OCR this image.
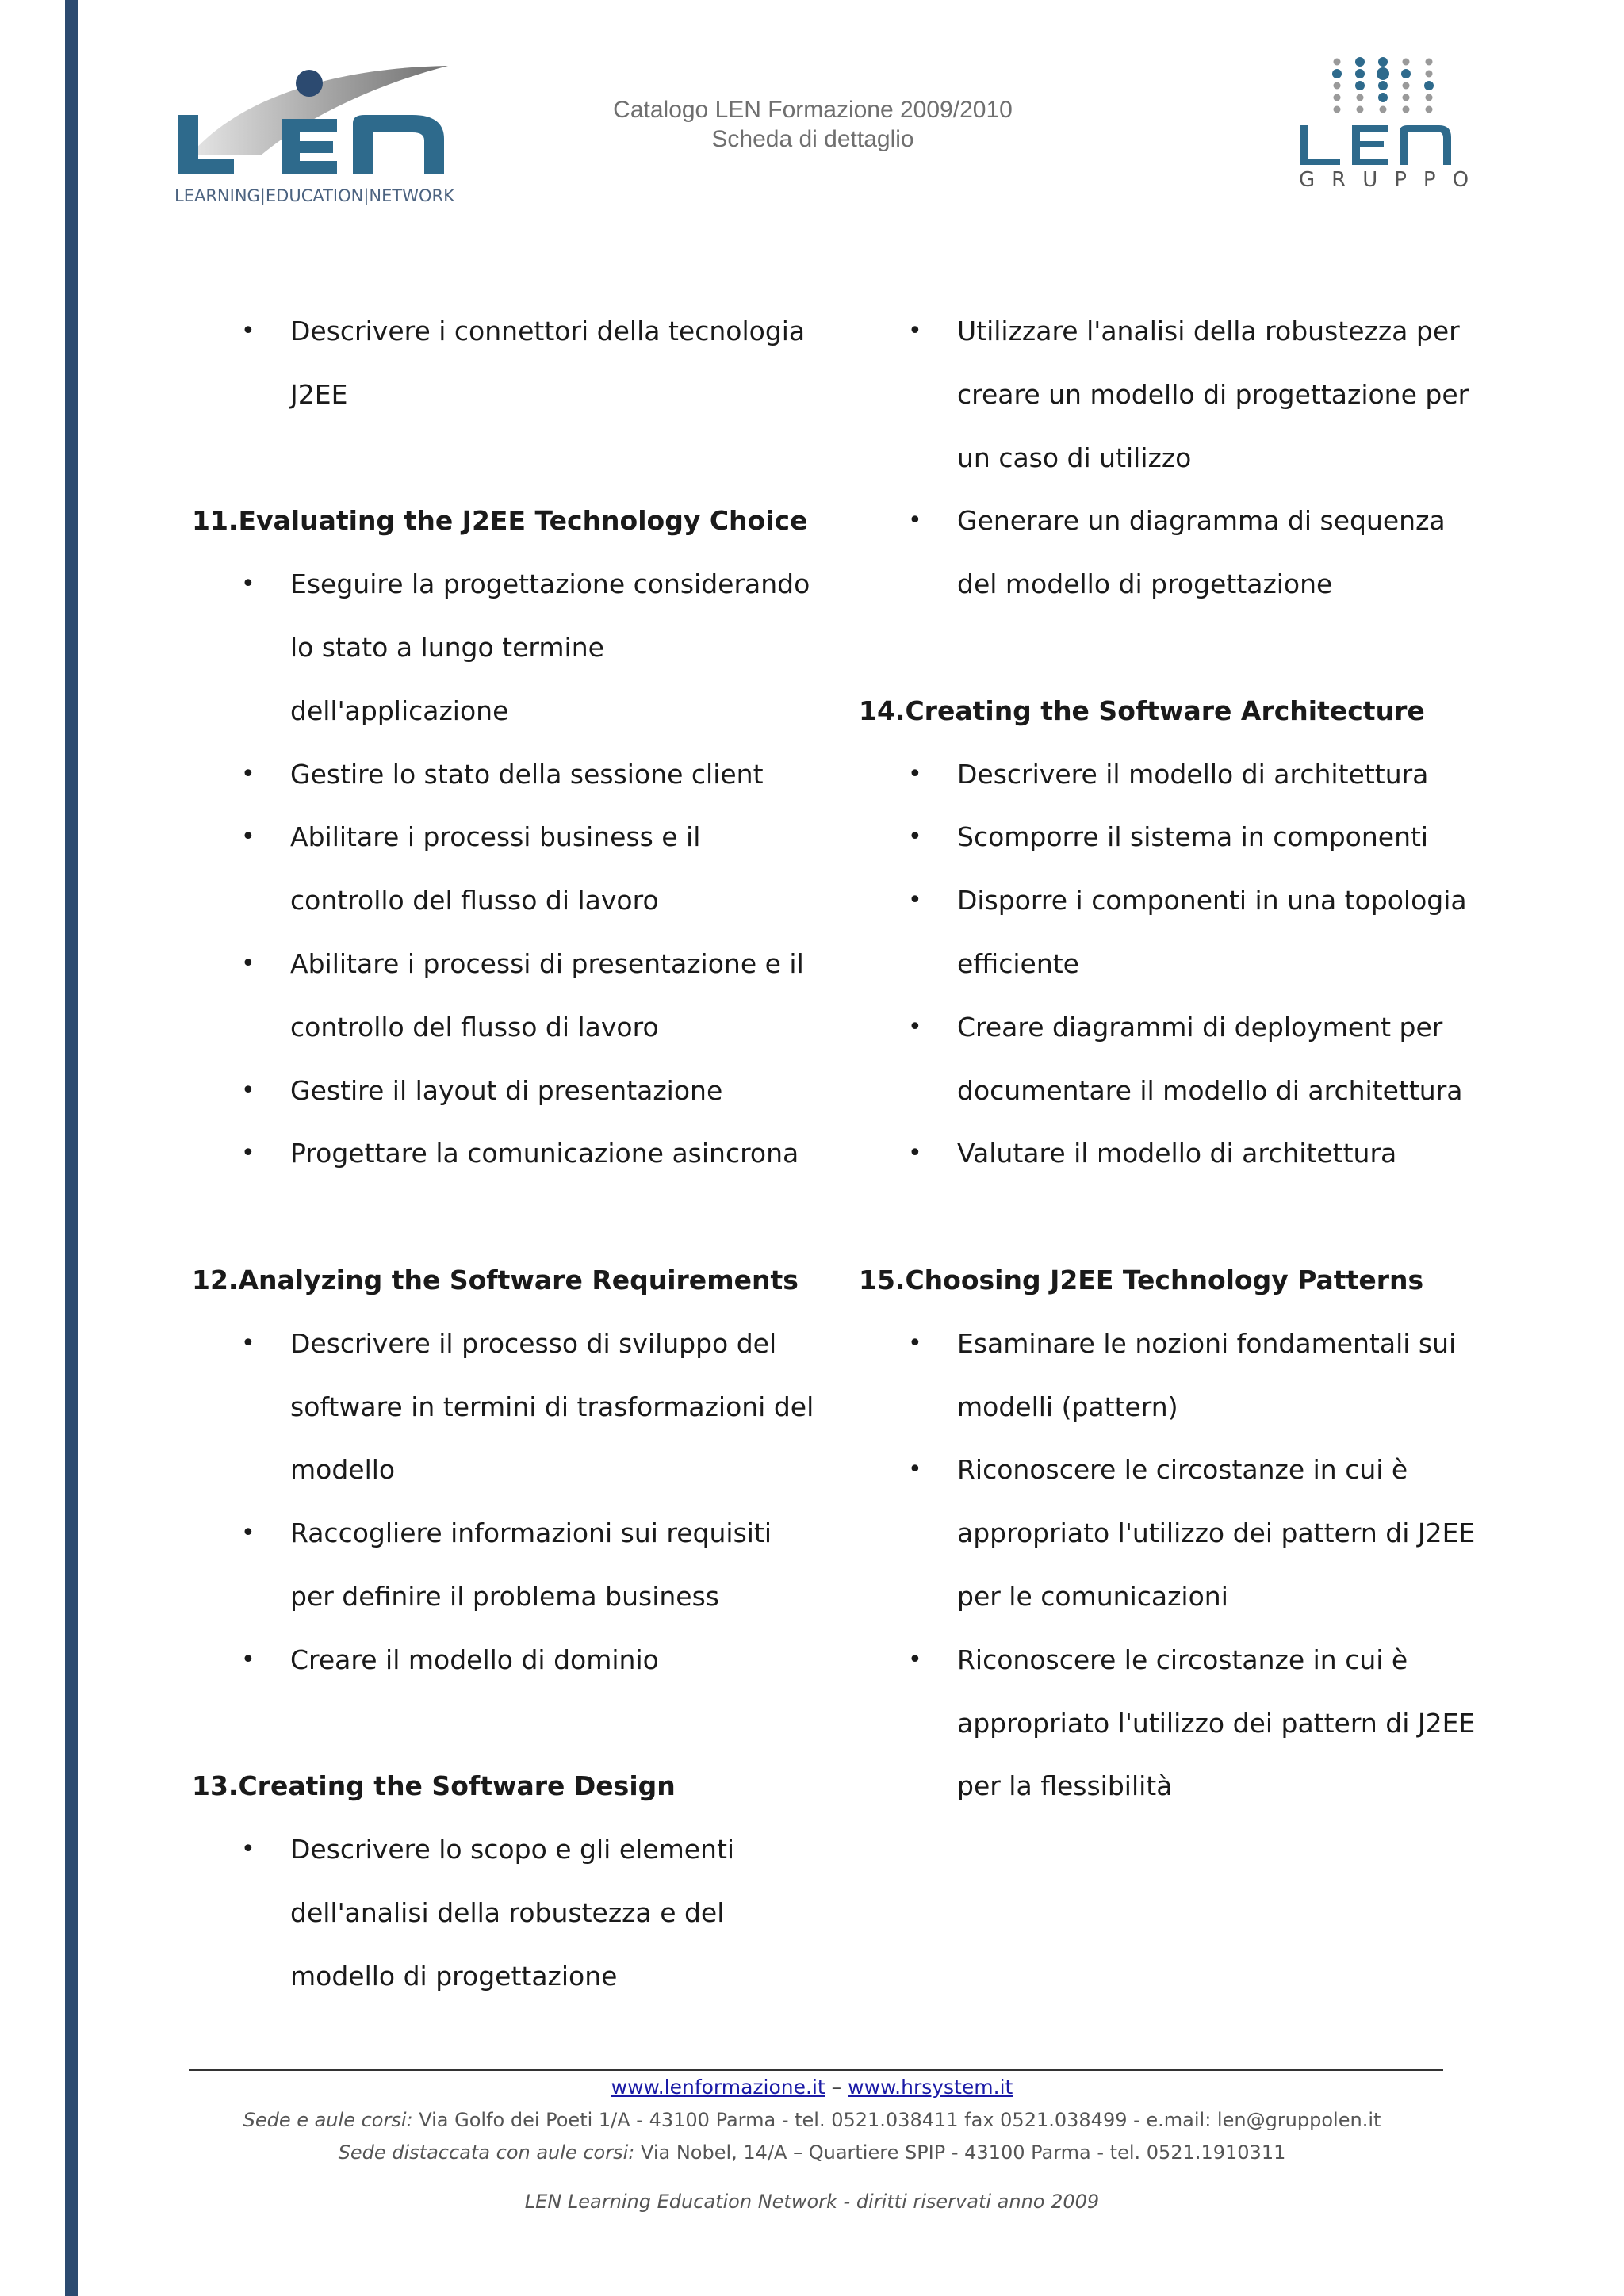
LEARNING|EDUCATION|NETWORK
Catalogo LEN Formazione 2009/2010
Scheda di dettaglio
GRUPPO
• Descrivere i connettori della tecnologia
J2EE
11.Evaluating the J2EE Technology Choice
• Eseguire la progettazione considerando
lo stato a lungo termine
dell'applicazione
• Gestire lo stato della sessione client
• Abilitare i processi business e il
controllo del flusso di lavoro
• Abilitare i processi di presentazione e il
controllo del flusso di lavoro
• Gestire il layout di presentazione
• Progettare la comunicazione asincrona
12.Analyzing the Software Requirements
• Descrivere il processo di sviluppo del
software in termini di trasformazioni del
modello
• Raccogliere informazioni sui requisiti
per definire il problema business
• Creare il modello di dominio
13.Creating the Software Design
• Descrivere lo scopo e gli elementi
dell'analisi della robustezza e del
modello di progettazione
• Utilizzare l'analisi della robustezza per
creare un modello di progettazione per
un caso di utilizzo
• Generare un diagramma di sequenza
del modello di progettazione
14.Creating the Software Architecture
• Descrivere il modello di architettura
• Scomporre il sistema in componenti
• Disporre i componenti in una topologia
efficiente
• Creare diagrammi di deployment per
documentare il modello di architettura
• Valutare il modello di architettura
15.Choosing J2EE Technology Patterns
• Esaminare le nozioni fondamentali sui
modelli (pattern)
• Riconoscere le circostanze in cui è
appropriato l'utilizzo dei pattern di J2EE
per le comunicazioni
• Riconoscere le circostanze in cui è
appropriato l'utilizzo dei pattern di J2EE
per la flessibilità
www.lenformazione.it – www.hrsystem.it
Sede e aule corsi: Via Golfo dei Poeti 1/A - 43100 Parma - tel. 0521.038411 fax 0521.038499 - e.mail: len@gruppolen.it
Sede distaccata con aule corsi: Via Nobel, 14/A – Quartiere SPIP - 43100 Parma - tel. 0521.1910311
LEN Learning Education Network - diritti riservati anno 2009
